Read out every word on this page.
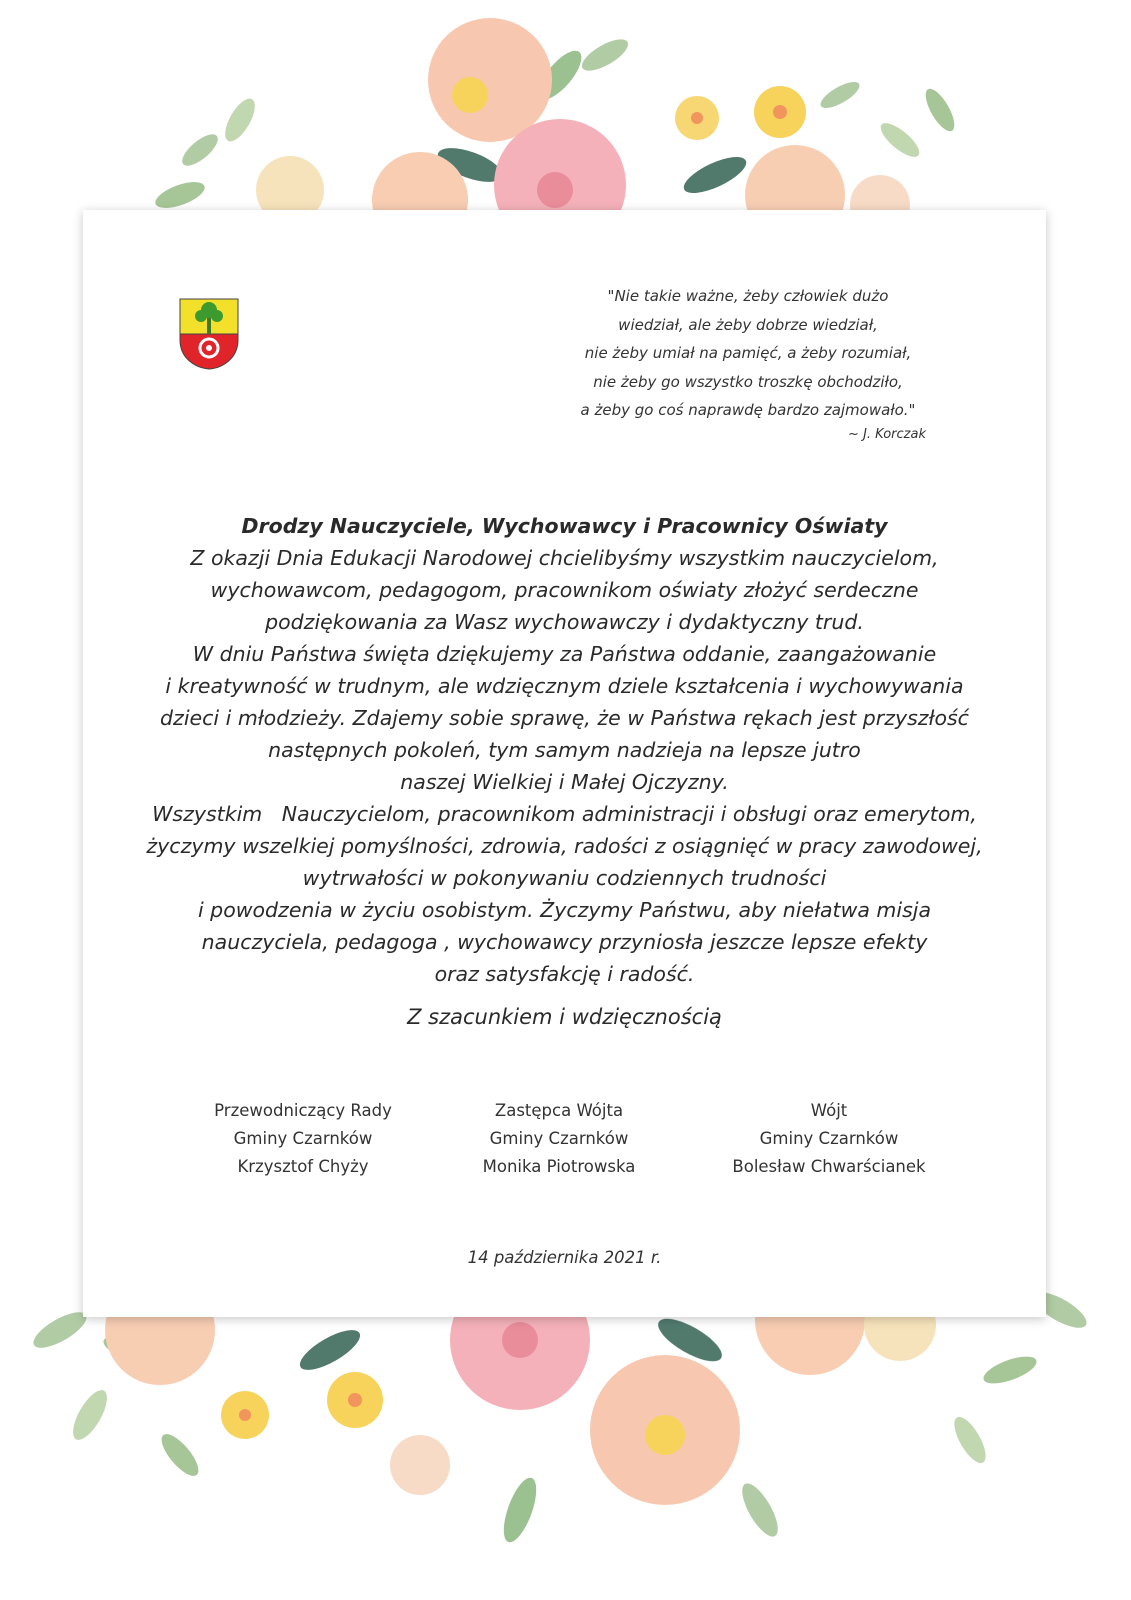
"Nie takie ważne, żeby człowiek dużo
wiedział, ale żeby dobrze wiedział,
nie żeby umiał na pamięć, a żeby rozumiał,
nie żeby go wszystko troszkę obchodziło,
a żeby go coś naprawdę bardzo zajmowało."
~ J. Korczak
Drodzy Nauczyciele, Wychowawcy i Pracownicy Oświaty
Z okazji Dnia Edukacji Narodowej chcielibyśmy wszystkim nauczycielom,
wychowawcom, pedagogom, pracownikom oświaty złożyć serdeczne
podziękowania za Wasz wychowawczy i dydaktyczny trud.
W dniu Państwa święta dziękujemy za Państwa oddanie, zaangażowanie
i kreatywność w trudnym, ale wdzięcznym dziele kształcenia i wychowywania
dzieci i młodzieży. Zdajemy sobie sprawę, że w Państwa rękach jest przyszłość
następnych pokoleń, tym samym nadzieja na lepsze jutro
naszej Wielkiej i Małej Ojczyzny.
Wszystkim   Nauczycielom, pracownikom administracji i obsługi oraz emerytom,
życzymy wszelkiej pomyślności, zdrowia, radości z osiągnięć w pracy zawodowej,
wytrwałości w pokonywaniu codziennych trudności
i powodzenia w życiu osobistym. Życzymy Państwu, aby niełatwa misja
nauczyciela, pedagoga , wychowawcy przyniosła jeszcze lepsze efekty
oraz satysfakcję i radość.
Z szacunkiem i wdzięcznością
Przewodniczący Rady
Gminy Czarnków
Krzysztof Chyży
Zastępca Wójta
Gminy Czarnków
Monika Piotrowska
Wójt
Gminy Czarnków
Bolesław Chwarścianek
14 października 2021 r.
